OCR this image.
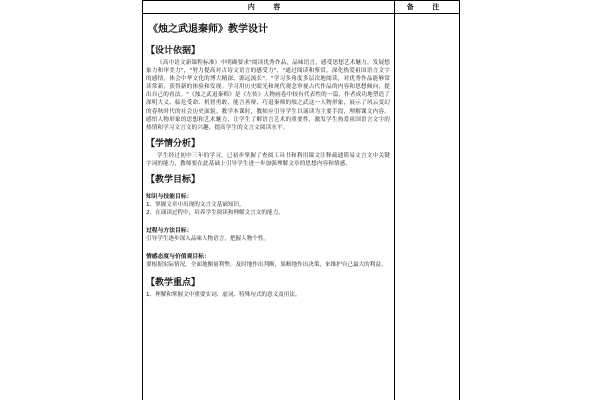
内 容	备 注
《烛之武退秦师》教学设计
【设计依据】

《高中语文新课程标准》中明确要求"阅读优秀作品，品味语言，感受思想艺术魅力，发展想象力和审美力"，"努力提高对古诗文语言的感受力"，"通过阅读和鉴赏，深化热爱祖国语言文字的感情，体会中华文化的博大精深、源远流长"，"学习多角度多层次地阅读，对优秀作品能够常读常新，获得新的体验和发现。学习用历史眼光和现代观念审视古代作品的内容和思想倾向，提出自己的看法。"《烛之武退秦师》是《左传》人物画卷中较有代表性的一篇，作者成功地塑造了深明大义、临危受命、机智勇敢、能言善辩、巧退秦师的烛之武这一人物形象，展示了风云变幻的春秋时代的社会历史面貌。教学本课时，教师应引导学生以诵读为主要手段，理解课文内容，感悟人物形象的思想和艺术魅力，让学生了解语言艺术的重要性，激发学生热爱祖国语言文字的热情和学习文言文的兴趣，提高学生的文言文阅读水平。

【学情分析】

学生经过初中三年的学习，已初步掌握了查阅工具书和利用课文注释疏通简易文言文中关键字词的能力，教师要在此基础上引导学生进一步加强理解文章的思想内容和情感。

【教学目标】
知识与技能目标：

1、掌握文章中出现的文言文基础知识。

2、在诵读过程中，培养学生阅读和理解文言文的能力。

过程与方法目标：

引导学生逐步深入品味人物语言，把握人物个性。

情感态度与价值观目标：

要根据实际情况，全面地衡量利弊，及时地作出判断，果断地作出决策，来维护自己最大的利益。

【教学重点】

1、理解和掌握文中重要实词、虚词、特殊句式的意义及用法。
